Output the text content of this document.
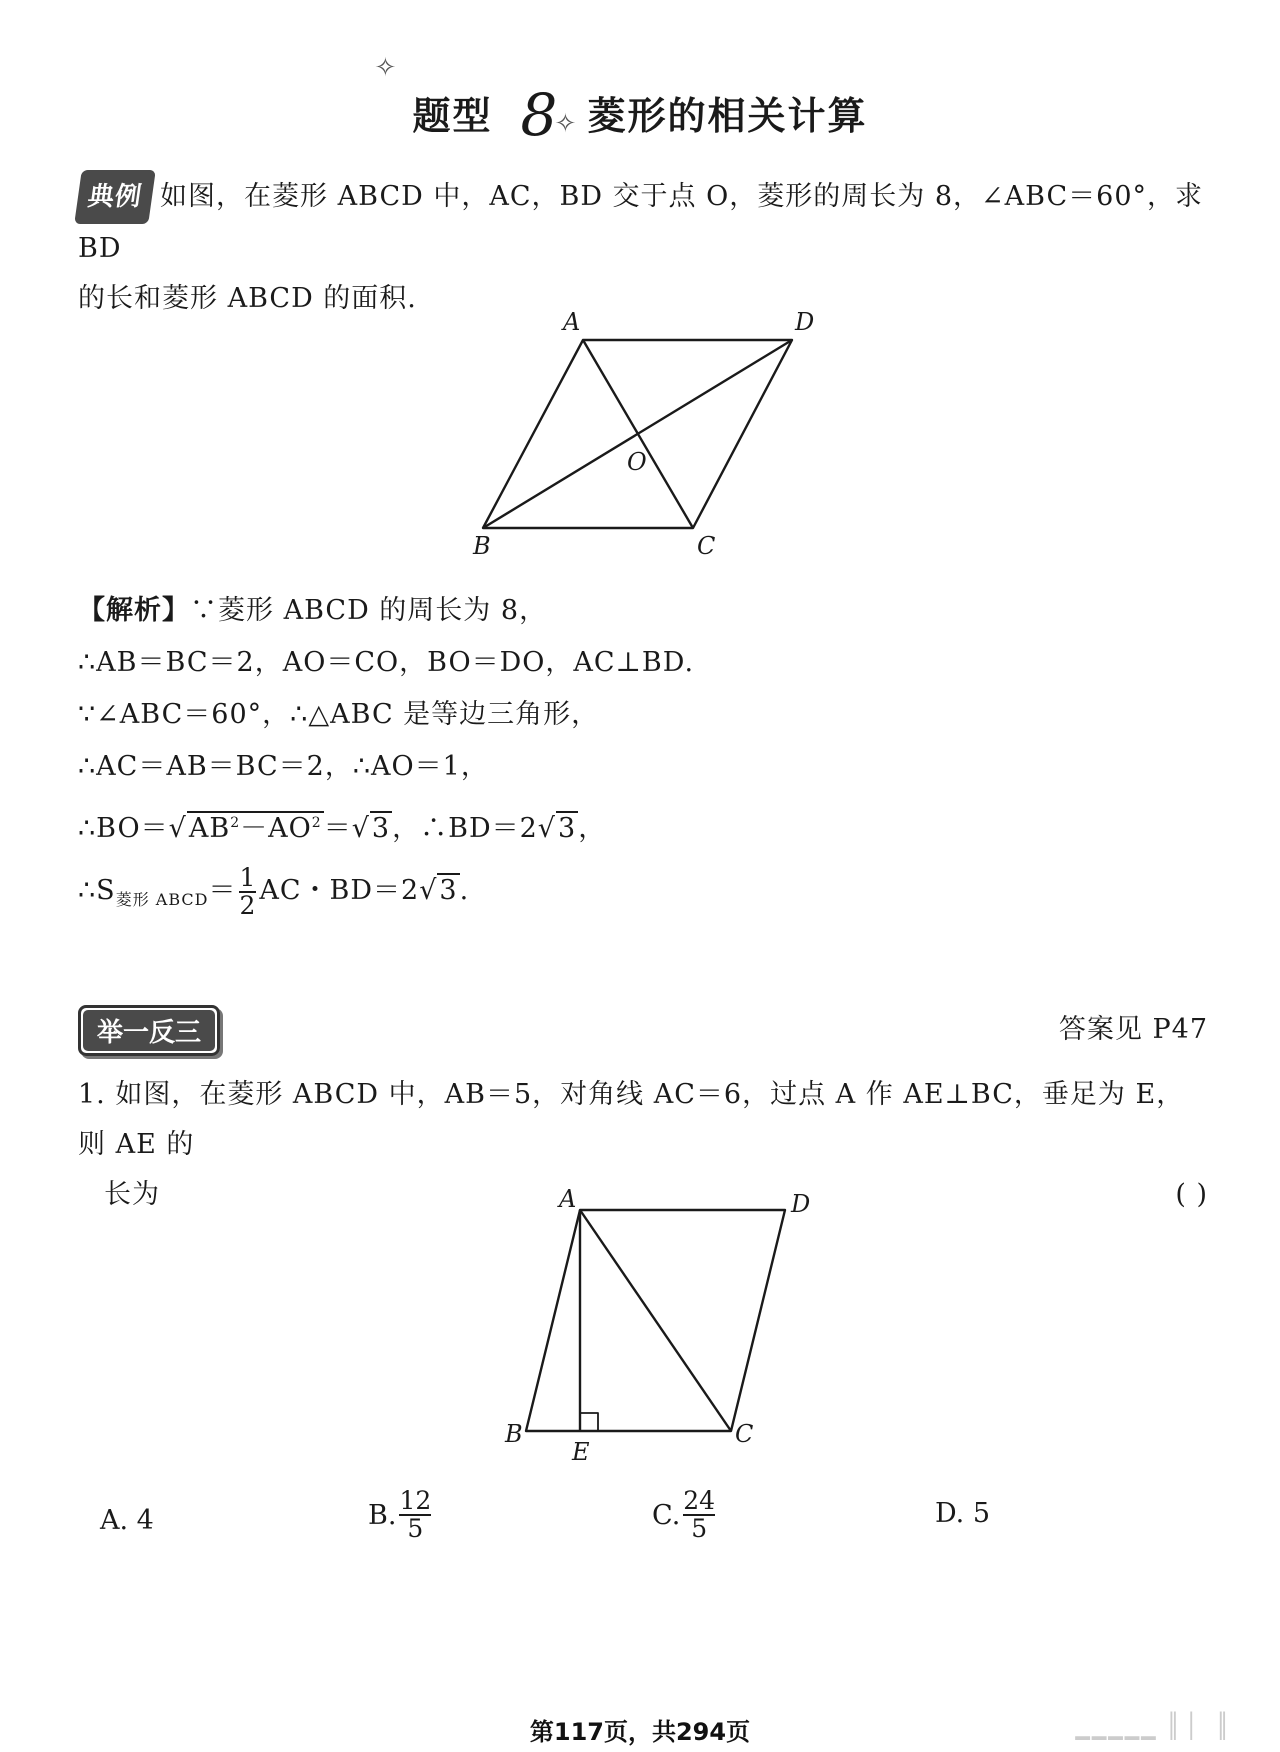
✧
题型 8 菱形的相关计算
✧
典例 如图，在菱形 ABCD 中，AC，BD 交于点 O，菱形的周长为 8，∠ABC＝60°，求 BD
的长和菱形 ABCD 的面积.
A	D
B	C
O
【解析】∵菱形 ABCD 的周长为 8，
∴AB＝BC＝2，AO＝CO，BO＝DO，AC⊥BD.
∵∠ABC＝60°，∴△ABC 是等边三角形，
∴AC＝AB＝BC＝2，∴AO＝1，
$\therefore BO=√AB^2-AO^2=√3$，∴BD＝2√3，
$\therefore S_{菱形 ABCD}= \frac{1}{2}$ AC・BD＝2√3.
举一反三	答案见 P47
1. 如图，在菱形 ABCD 中，AB＝5，对角线 AC＝6，过点 A 作 AE⊥BC，垂足为 E，则 AE 的
长为	( )
A	D
B	C
E
A. 4	B. $\frac{12}{5}$	C. $\frac{24}{5}$	D. 5
第117页，共294页	▁▁▁▁▁▕▏▏▕▏
